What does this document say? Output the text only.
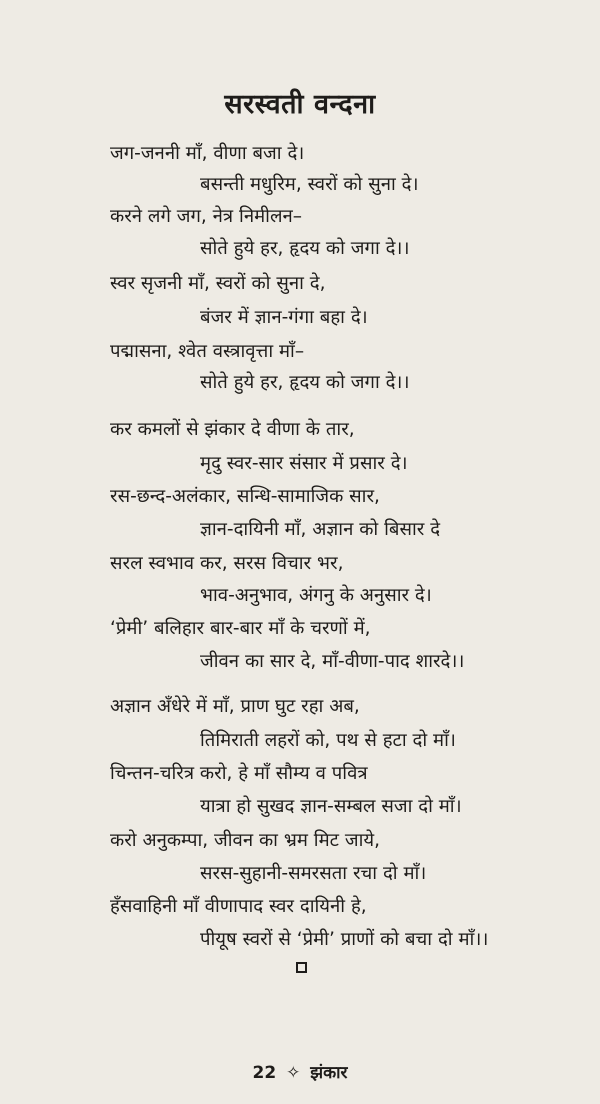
सरस्वती वन्दना
जग-जननी माँ, वीणा बजा दे।
बसन्ती मधुरिम, स्वरों को सुना दे।
करने लगे जग, नेत्र निमीलन–
सोते हुये हर, हृदय को जगा दे।।
स्वर सृजनी माँ, स्वरों को सुना दे,
बंजर में ज्ञान-गंगा बहा दे।
पद्मासना, श्वेत वस्त्रावृत्ता माँ–
सोते हुये हर, हृदय को जगा दे।।
कर कमलों से झंकार दे वीणा के तार,
मृदु स्वर-सार संसार में प्रसार दे।
रस-छन्द-अलंकार, सन्धि-सामाजिक सार,
ज्ञान-दायिनी माँ, अज्ञान को बिसार दे
सरल स्वभाव कर, सरस विचार भर,
भाव-अनुभाव, अंगनु के अनुसार दे।
‘प्रेमी’ बलिहार बार-बार माँ के चरणों में,
जीवन का सार दे, माँ-वीणा-पाद शारदे।।
अज्ञान अँधेरे में माँ, प्राण घुट रहा अब,
तिमिराती लहरों को, पथ से हटा दो माँ।
चिन्तन-चरित्र करो, हे माँ सौम्य व पवित्र
यात्रा हो सुखद ज्ञान-सम्बल सजा दो माँ।
करो अनुकम्पा, जीवन का भ्रम मिट जाये,
सरस-सुहानी-समरसता रचा दो माँ।
हँसवाहिनी माँ वीणापाद स्वर दायिनी हे,
पीयूष स्वरों से ‘प्रेमी’ प्राणों को बचा दो माँ।।
22 ✧ झंकार
